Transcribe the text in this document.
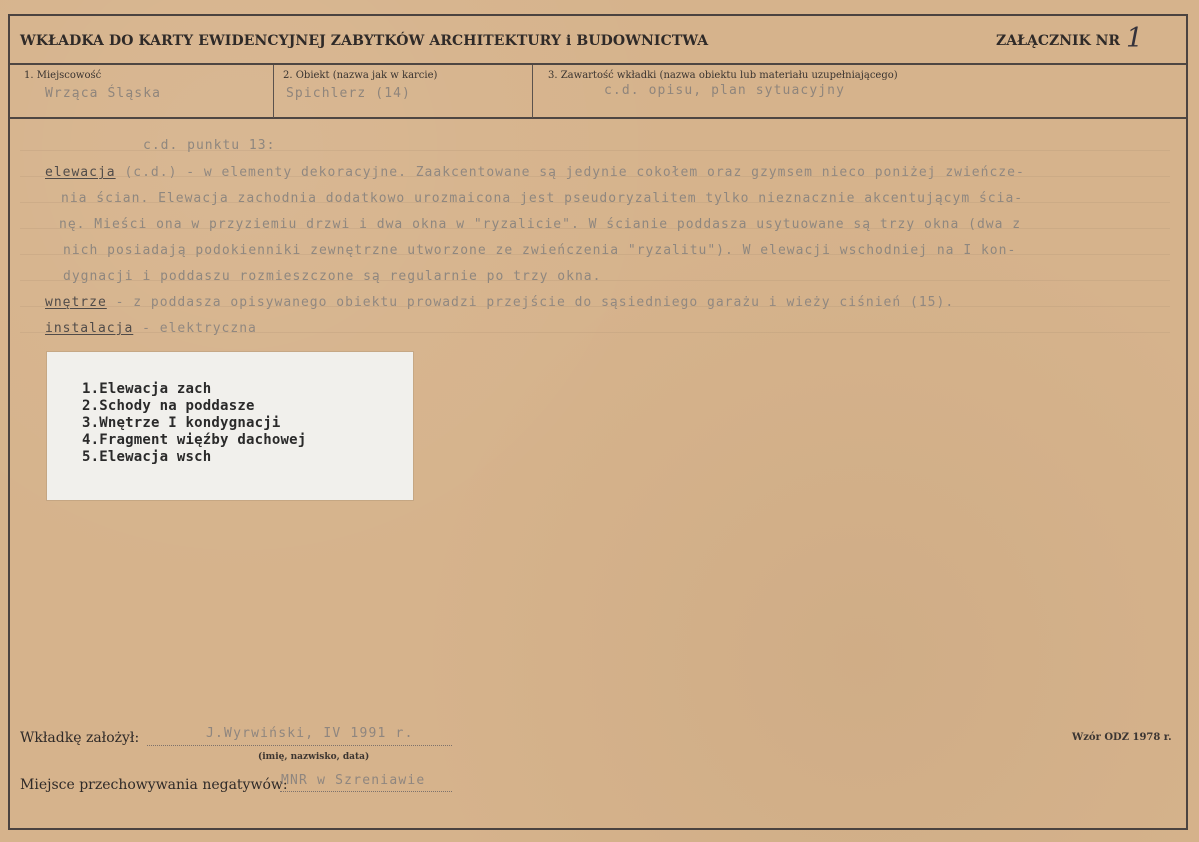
WKŁADKA DO KARTY EWIDENCYJNEJ ZABYTKÓW ARCHITEKTURY i BUDOWNICTWA	ZAŁĄCZNIK NR 1
1. Miejscowość	2. Obiekt (nazwa jak w karcie)	3. Zawartość wkładki (nazwa obiektu lub materiału uzupełniającego)
Wrząca Śląska	Spichlerz (14)	c.d. opisu, plan sytuacyjny
c.d. punktu 13:
elewacja (c.d.) - w elementy dekoracyjne. Zaakcentowane są jedynie cokołem oraz gzymsem nieco poniżej zwieńcze-
nia ścian. Elewacja zachodnia dodatkowo urozmaicona jest pseudoryzalitem tylko nieznacznie akcentującym ścia-
nę. Mieści ona w przyziemiu drzwi i dwa okna w "ryzalicie". W ścianie poddasza usytuowane są trzy okna (dwa z
nich posiadają podokienniki zewnętrzne utworzone ze zwieńczenia "ryzalitu"). W elewacji wschodniej na I kon-
dygnacji i poddaszu rozmieszczone są regularnie po trzy okna.
wnętrze - z poddasza opisywanego obiektu prowadzi przejście do sąsiedniego garażu i wieży ciśnień (15).
instalacja - elektryczna
1.Elewacja zach
2.Schody na poddasze
3.Wnętrze I kondygnacji
4.Fragment więźby dachowej
5.Elewacja wsch
Wkładkę założył:	J.Wyrwiński, IV 1991 r.
(imię, nazwisko, data)
Miejsce przechowywania negatywów:
MNR w Szreniawie
Wzór ODZ 1978 r.
